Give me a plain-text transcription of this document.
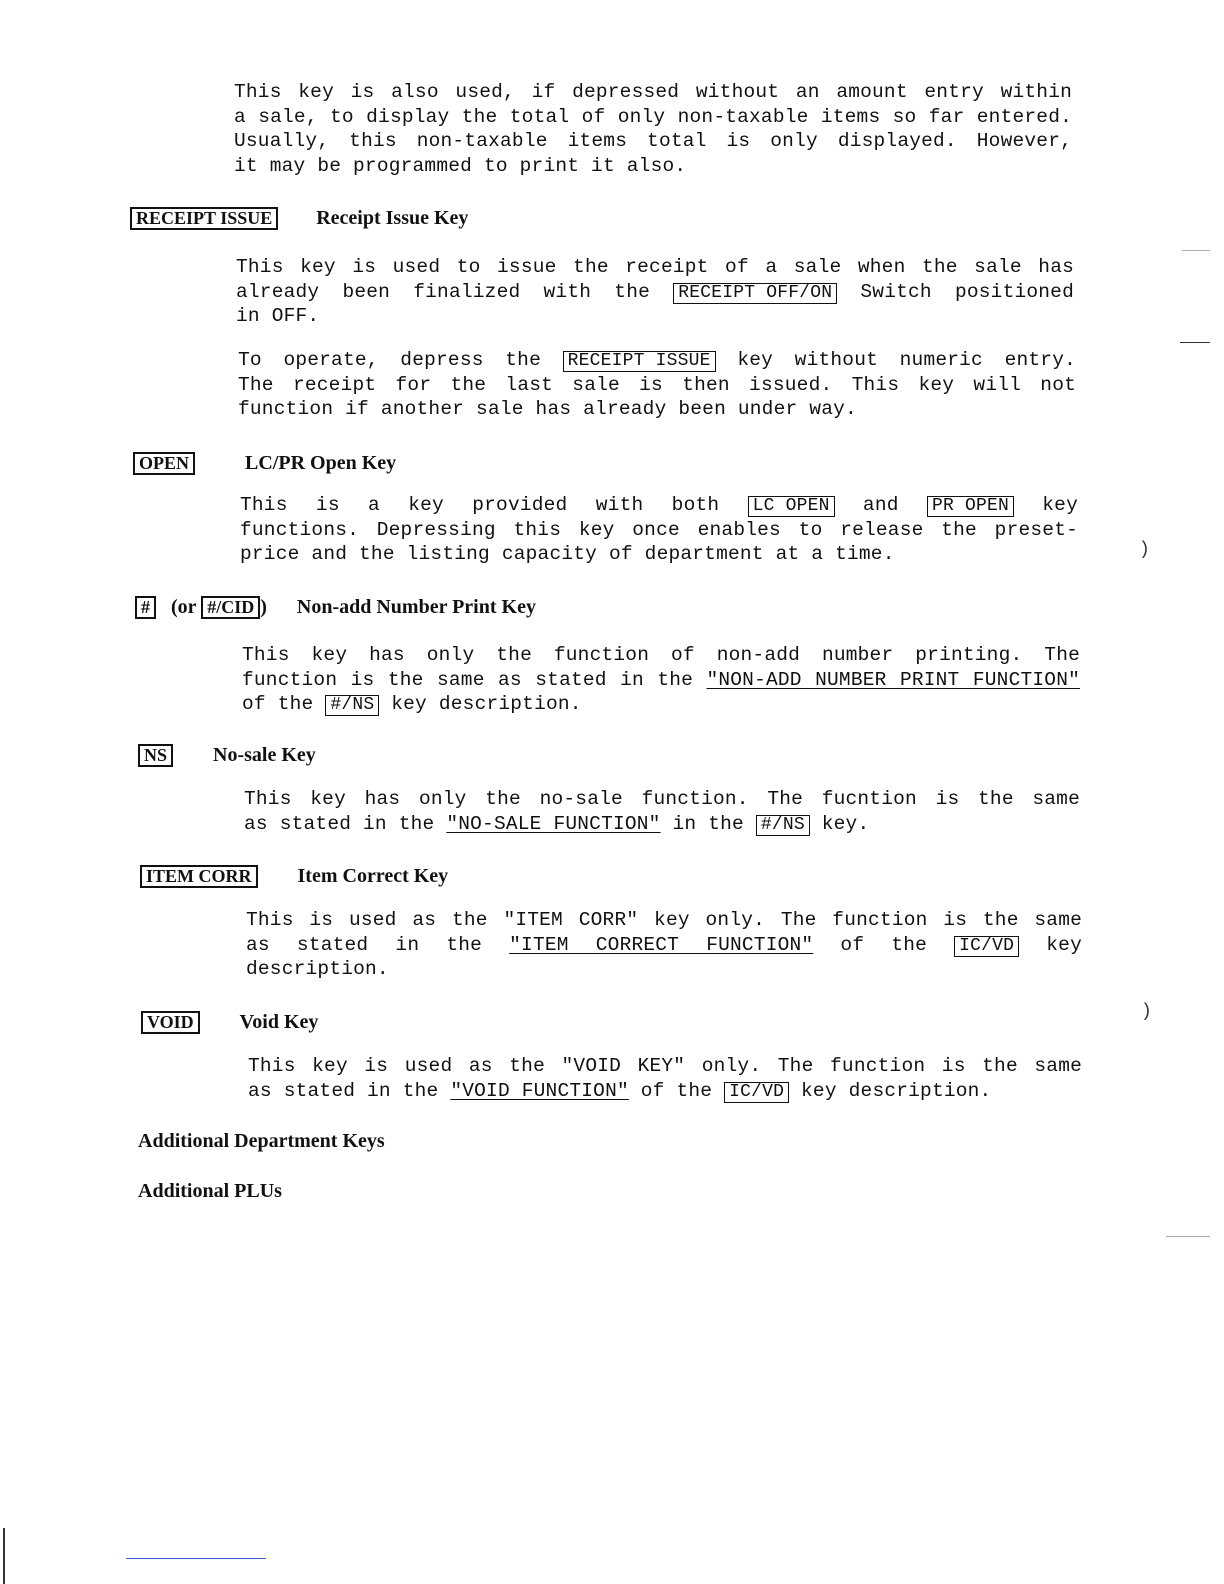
This key is also used, if depressed without an amount entry within
a sale, to display the total of only non-taxable items so far entered.
Usually, this non-taxable items total is only displayed. However,
it may be programmed to print it also.
RECEIPT ISSUE Receipt Issue Key
This key is used to issue the receipt of a sale when the sale has
already been finalized with the RECEIPT OFF/ON Switch positioned
in OFF.
To operate, depress the RECEIPT ISSUE key without numeric entry.
The receipt for the last sale is then issued. This key will not
function if another sale has already been under way.
OPEN	LC/PR Open Key
This is a key provided with both LC OPEN and PR OPEN key
functions. Depressing this key once enables to release the preset-
price and the listing capacity of department at a time.
# (or #/CID ) Non-add Number Print Key
This key has only the function of non-add number printing. The
function is the same as stated in the "NON-ADD NUMBER PRINT FUNCTION"
of the #/NS key description.
NS No-sale Key
This key has only the no-sale function. The fucntion is the same
as stated in the "NO-SALE FUNCTION" in the #/NS key.
ITEM CORR Item Correct Key
This is used as the "ITEM CORR" key only. The function is the same
as stated in the "ITEM CORRECT FUNCTION" of the IC/VD key
description.
VOID Void Key
This key is used as the "VOID KEY" only. The function is the same
as stated in the "VOID FUNCTION" of the IC/VD key description.
Additional Department Keys
Additional PLUs
)
)
